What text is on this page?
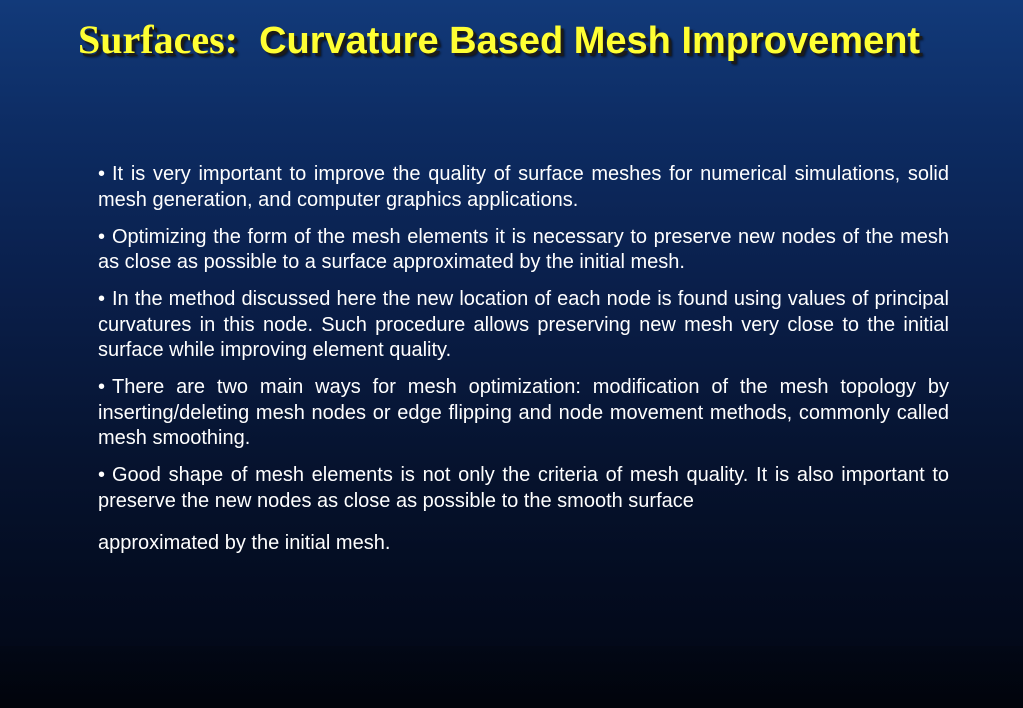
Surfaces: Curvature Based Mesh Improvement
• It is very important to improve the quality of surface meshes for numerical simulations, solid mesh generation, and computer graphics applications.
• Optimizing the form of the mesh elements it is necessary to preserve new nodes of the mesh as close as possible to a surface approximated by the initial mesh.
• In the method discussed here the new location of each node is found using values of principal curvatures in this node. Such procedure allows preserving new mesh very close to the initial surface while improving element quality.
• There are two main ways for mesh optimization: modification of the mesh topology by inserting/deleting mesh nodes or edge flipping and node movement methods, commonly called mesh smoothing.
• Good shape of mesh elements is not only the criteria of mesh quality. It is also important to preserve the new nodes as close as possible to the smooth surface
approximated by the initial mesh.
